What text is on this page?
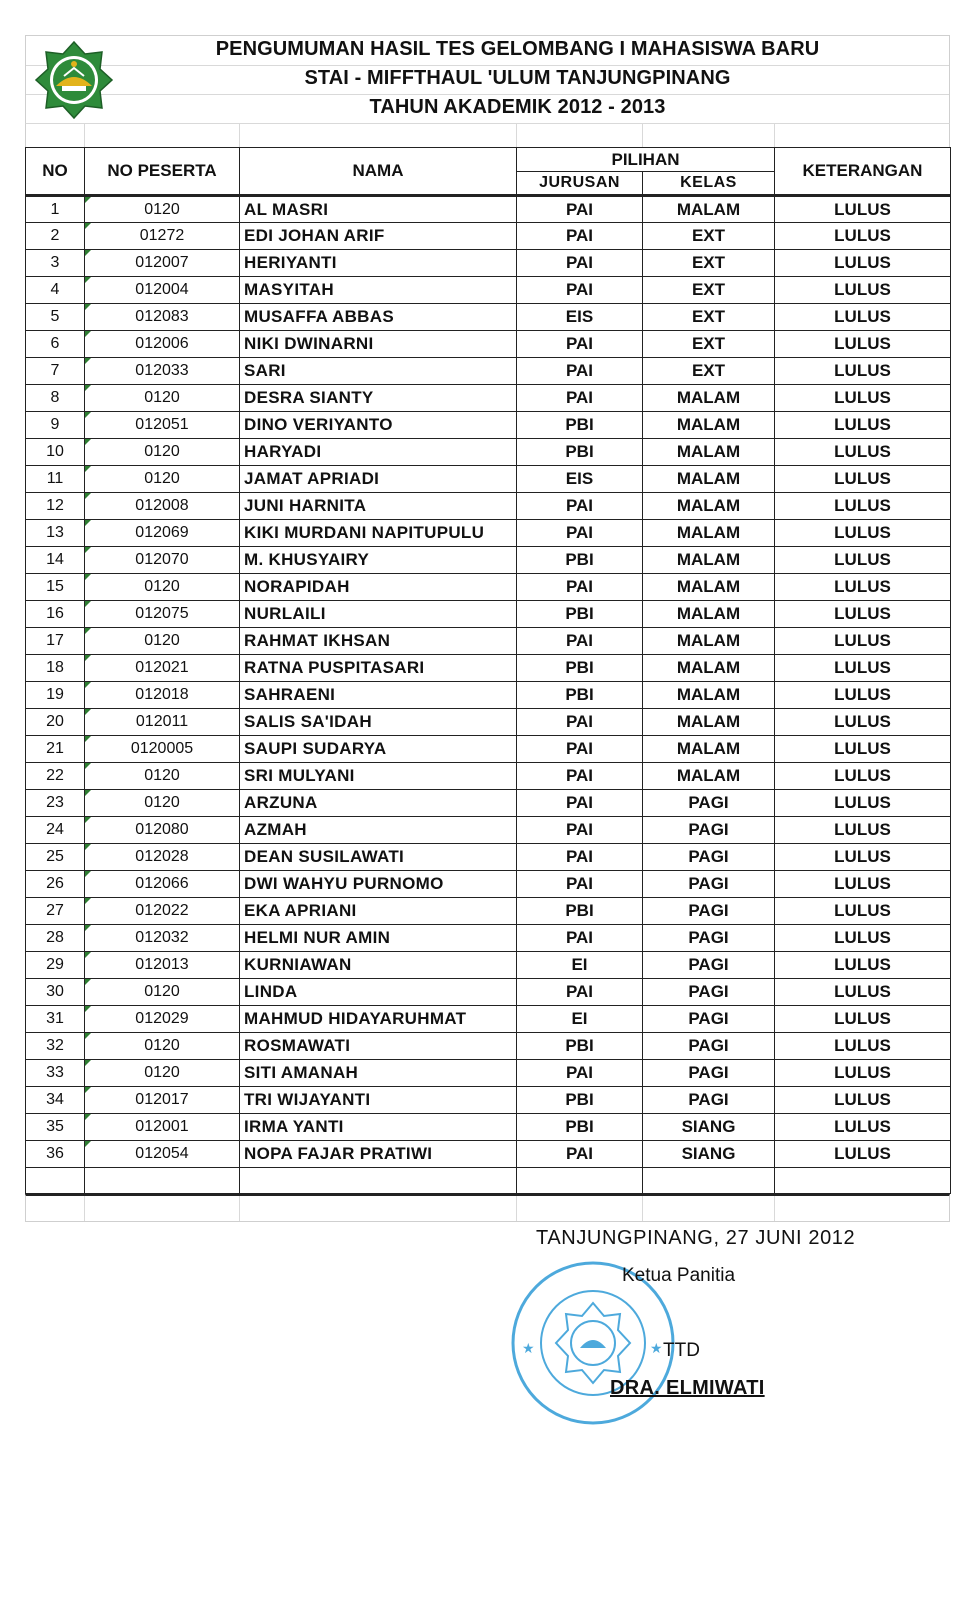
PENGUMUMAN HASIL TES GELOMBANG I MAHASISWA BARU
STAI - MIFFTHAUL 'ULUM TANJUNGPINANG
TAHUN AKADEMIK 2012 - 2013
NO	NO PESERTA	NAMA	PILIHAN		KETERANGAN
			JURUSAN	KELAS	
1	0120	AL MASRI	PAI	MALAM	LULUS
2	01272	EDI JOHAN ARIF	PAI	EXT	LULUS
3	012007	HERIYANTI	PAI	EXT	LULUS
4	012004	MASYITAH	PAI	EXT	LULUS
5	012083	MUSAFFA ABBAS	EIS	EXT	LULUS
6	012006	NIKI DWINARNI	PAI	EXT	LULUS
7	012033	SARI	PAI	EXT	LULUS
8	0120	DESRA SIANTY	PAI	MALAM	LULUS
9	012051	DINO VERIYANTO	PBI	MALAM	LULUS
10	0120	HARYADI	PBI	MALAM	LULUS
11	0120	JAMAT APRIADI	EIS	MALAM	LULUS
12	012008	JUNI HARNITA	PAI	MALAM	LULUS
13	012069	KIKI MURDANI NAPITUPULU	PAI	MALAM	LULUS
14	012070	M. KHUSYAIRY	PBI	MALAM	LULUS
15	0120	NORAPIDAH	PAI	MALAM	LULUS
16	012075	NURLAILI	PBI	MALAM	LULUS
17	0120	RAHMAT IKHSAN	PAI	MALAM	LULUS
18	012021	RATNA PUSPITASARI	PBI	MALAM	LULUS
19	012018	SAHRAENI	PBI	MALAM	LULUS
20	012011	SALIS SA'IDAH	PAI	MALAM	LULUS
21	0120005	SAUPI SUDARYA	PAI	MALAM	LULUS
22	0120	SRI MULYANI	PAI	MALAM	LULUS
23	0120	ARZUNA	PAI	PAGI	LULUS
24	012080	AZMAH	PAI	PAGI	LULUS
25	012028	DEAN SUSILAWATI	PAI	PAGI	LULUS
26	012066	DWI WAHYU PURNOMO	PAI	PAGI	LULUS
27	012022	EKA APRIANI	PBI	PAGI	LULUS
28	012032	HELMI NUR AMIN	PAI	PAGI	LULUS
29	012013	KURNIAWAN	EI	PAGI	LULUS
30	0120	LINDA	PAI	PAGI	LULUS
31	012029	MAHMUD HIDAYARUHMAT	EI	PAGI	LULUS
32	0120	ROSMAWATI	PBI	PAGI	LULUS
33	0120	SITI AMANAH	PAI	PAGI	LULUS
34	012017	TRI WIJAYANTI	PBI	PAGI	LULUS
35	012001	IRMA YANTI	PBI	SIANG	LULUS
36	012054	NOPA FAJAR PRATIWI	PAI	SIANG	LULUS

★	★
TANJUNGPINANG, 27 JUNI 2012
Ketua Panitia
TTD
DRA. ELMIWATI
